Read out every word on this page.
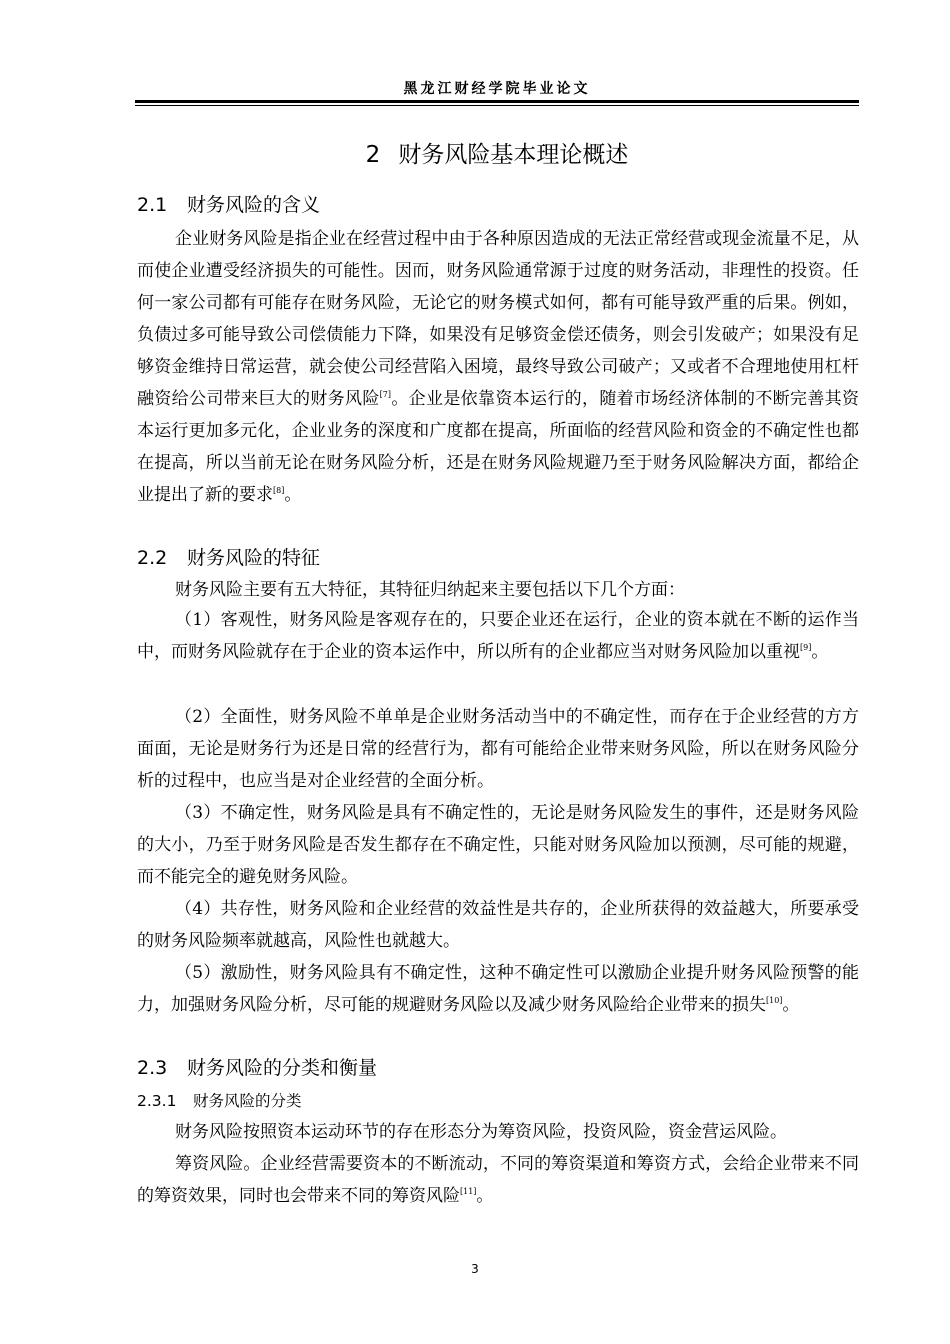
黑龙江财经学院毕业论文
2 财务风险基本理论概述
2.1 财务风险的含义

企业财务风险是指企业在经营过程中由于各种原因造成的无法正常经营或现金流量不足，从而使企业遭受经济损失的可能性。因而，财务风险通常源于过度的财务活动，非理性的投资。任何一家公司都有可能存在财务风险，无论它的财务模式如何，都有可能导致严重的后果。例如，负债过多可能导致公司偿债能力下降，如果没有足够资金偿还债务，则会引发破产；如果没有足够资金维持日常运营，就会使公司经营陷入困境，最终导致公司破产；又或者不合理地使用杠杆融资给公司带来巨大的财务风险[7]。企业是依靠资本运行的，随着市场经济体制的不断完善其资本运行更加多元化，企业业务的深度和广度都在提高，所面临的经营风险和资金的不确定性也都在提高，所以当前无论在财务风险分析，还是在财务风险规避乃至于财务风险解决方面，都给企业提出了新的要求[8]。

2.2 财务风险的特征

财务风险主要有五大特征，其特征归纳起来主要包括以下几个方面：

（1）客观性，财务风险是客观存在的，只要企业还在运行，企业的资本就在不断的运作当中，而财务风险就存在于企业的资本运作中，所以所有的企业都应当对财务风险加以重视[9]。

（2）全面性，财务风险不单单是企业财务活动当中的不确定性，而存在于企业经营的方方面面，无论是财务行为还是日常的经营行为，都有可能给企业带来财务风险，所以在财务风险分析的过程中，也应当是对企业经营的全面分析。

（3）不确定性，财务风险是具有不确定性的，无论是财务风险发生的事件，还是财务风险的大小，乃至于财务风险是否发生都存在不确定性，只能对财务风险加以预测，尽可能的规避，而不能完全的避免财务风险。

（4）共存性，财务风险和企业经营的效益性是共存的，企业所获得的效益越大，所要承受的财务风险频率就越高，风险性也就越大。

（5）激励性，财务风险具有不确定性，这种不确定性可以激励企业提升财务风险预警的能力，加强财务风险分析，尽可能的规避财务风险以及减少财务风险给企业带来的损失[10]。

2.3 财务风险的分类和衡量
2.3.1 财务风险的分类

财务风险按照资本运动环节的存在形态分为筹资风险，投资风险，资金营运风险。

筹资风险。企业经营需要资本的不断流动，不同的筹资渠道和筹资方式，会给企业带来不同的筹资效果，同时也会带来不同的筹资风险[11]。

3
